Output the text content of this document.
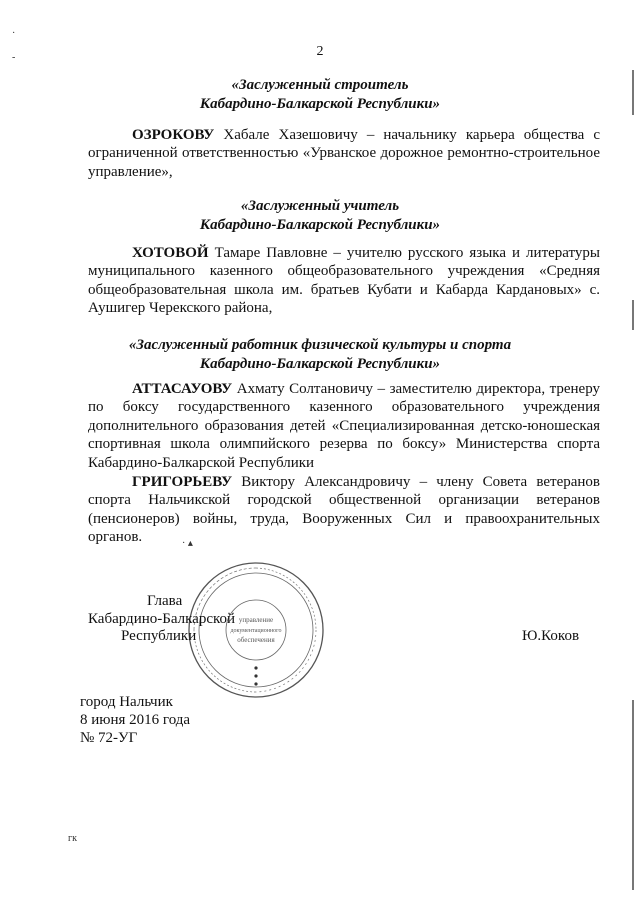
2
«Заслуженный строитель
Кабардино-Балкарской Республики»
ОЗРОКОВУ Хабале Хазешовичу – начальнику карьера общества с ограниченной ответственностью «Урванское дорожное ремонтно-строительное управление»,
«Заслуженный учитель
Кабардино-Балкарской Республики»
ХОТОВОЙ Тамаре Павловне – учителю русского языка и литературы муниципального казенного общеобразовательного учреждения «Средняя общеобразовательная школа им. братьев Кубати и Кабарда Кардановых» с. Аушигер Черекского района,
«Заслуженный работник физической культуры и спорта
Кабардино-Балкарской Республики»
АТТАСАУОВУ Ахмату Солтановичу – заместителю директора, тренеру по боксу государственного казенного образовательного учреждения дополнительного образования детей «Специализированная детско-юношеская спортивная школа олимпийского резерва по боксу» Министерства спорта Кабардино-Балкарской Республики
ГРИГОРЬЕВУ Виктору Александровичу – члену Совета ветеранов спорта Нальчикской городской общественной организации ветеранов (пенсионеров) войны, труда, Вооруженных Сил и правоохранительных органов.
управление
документационного
обеспечения
Глава
Кабардино-Балкарской
Республики	Ю.Коков
город Нальчик
8 июня 2016 года
№ 72-УГ
гк
·
-
· ▴
